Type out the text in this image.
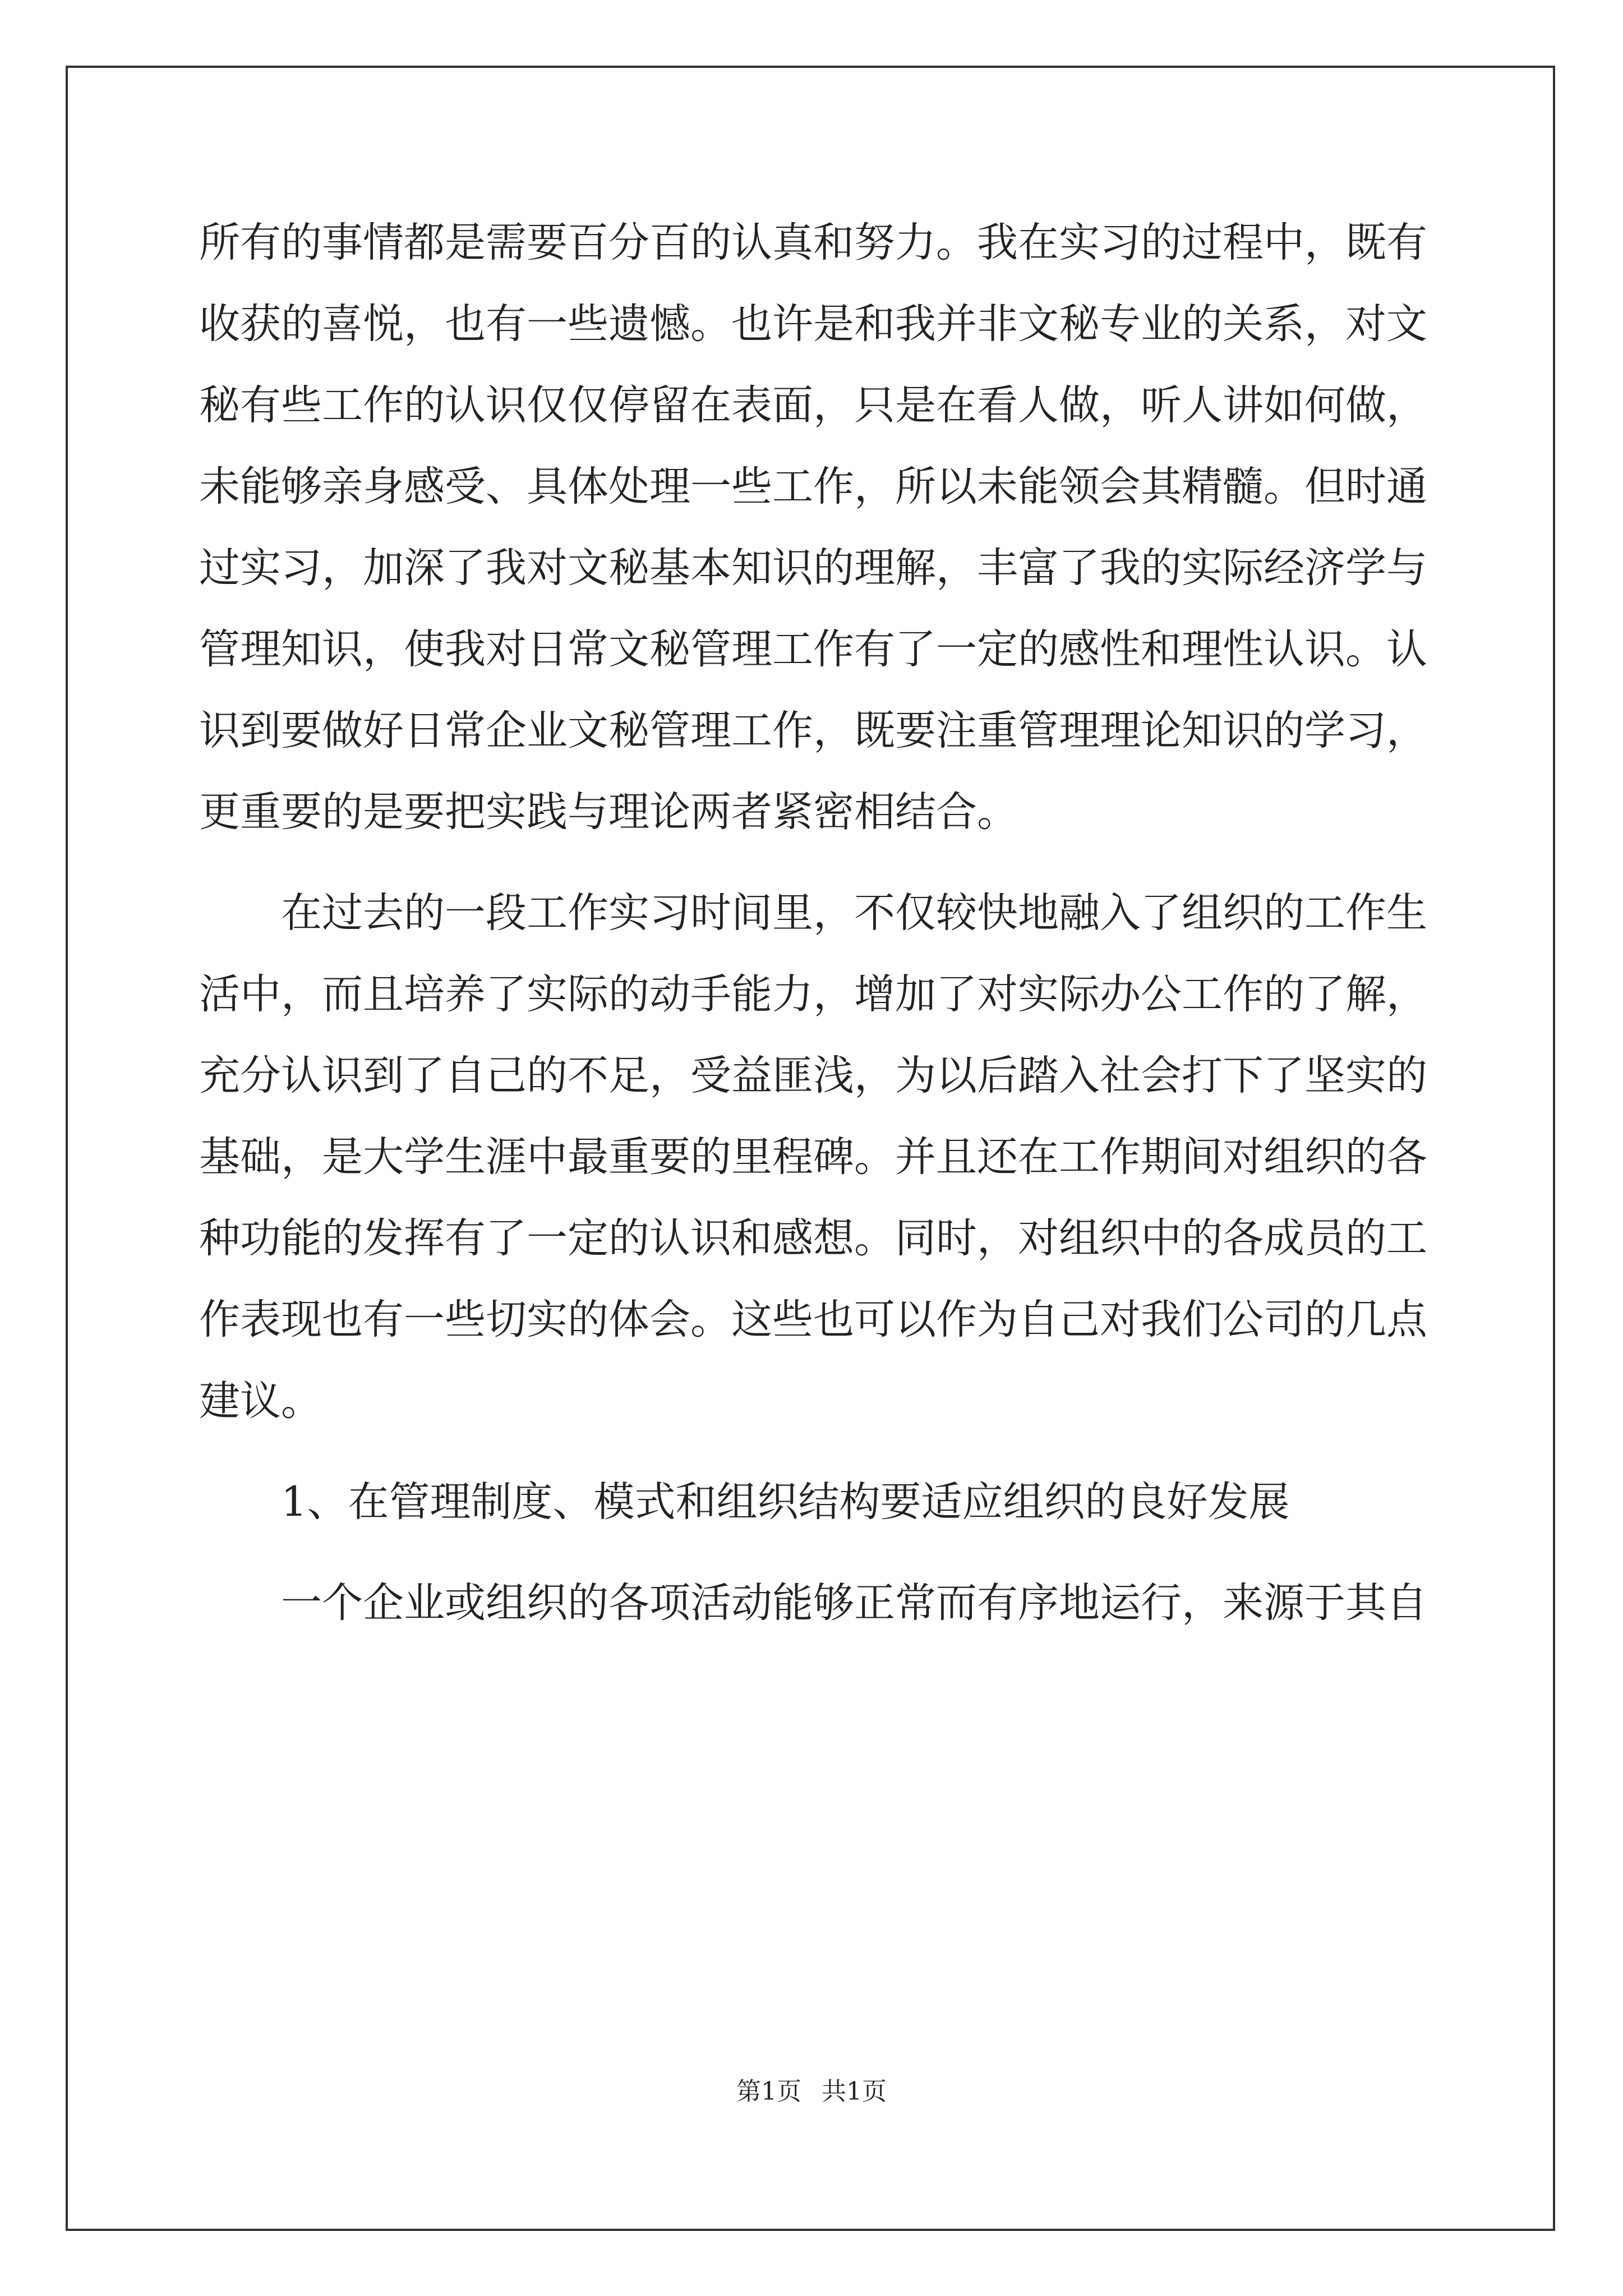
所有的事情都是需要百分百的认真和努力。我在实习的过程中，既有
收获的喜悦，也有一些遗憾。也许是和我并非文秘专业的关系，对文
秘有些工作的认识仅仅停留在表面，只是在看人做，听人讲如何做，
未能够亲身感受、具体处理一些工作，所以未能领会其精髓。但时通
过实习，加深了我对文秘基本知识的理解，丰富了我的实际经济学与
管理知识，使我对日常文秘管理工作有了一定的感性和理性认识。认
识到要做好日常企业文秘管理工作，既要注重管理理论知识的学习，
更重要的是要把实践与理论两者紧密相结合。
在过去的一段工作实习时间里，不仅较快地融入了组织的工作生
活中，而且培养了实际的动手能力，增加了对实际办公工作的了解，
充分认识到了自己的不足，受益匪浅，为以后踏入社会打下了坚实的
基础，是大学生涯中最重要的里程碑。并且还在工作期间对组织的各
种功能的发挥有了一定的认识和感想。同时，对组织中的各成员的工
作表现也有一些切实的体会。这些也可以作为自己对我们公司的几点
建议。
1、在管理制度、模式和组织结构要适应组织的良好发展
一个企业或组织的各项活动能够正常而有序地运行，来源于其自
第1页 共1页
